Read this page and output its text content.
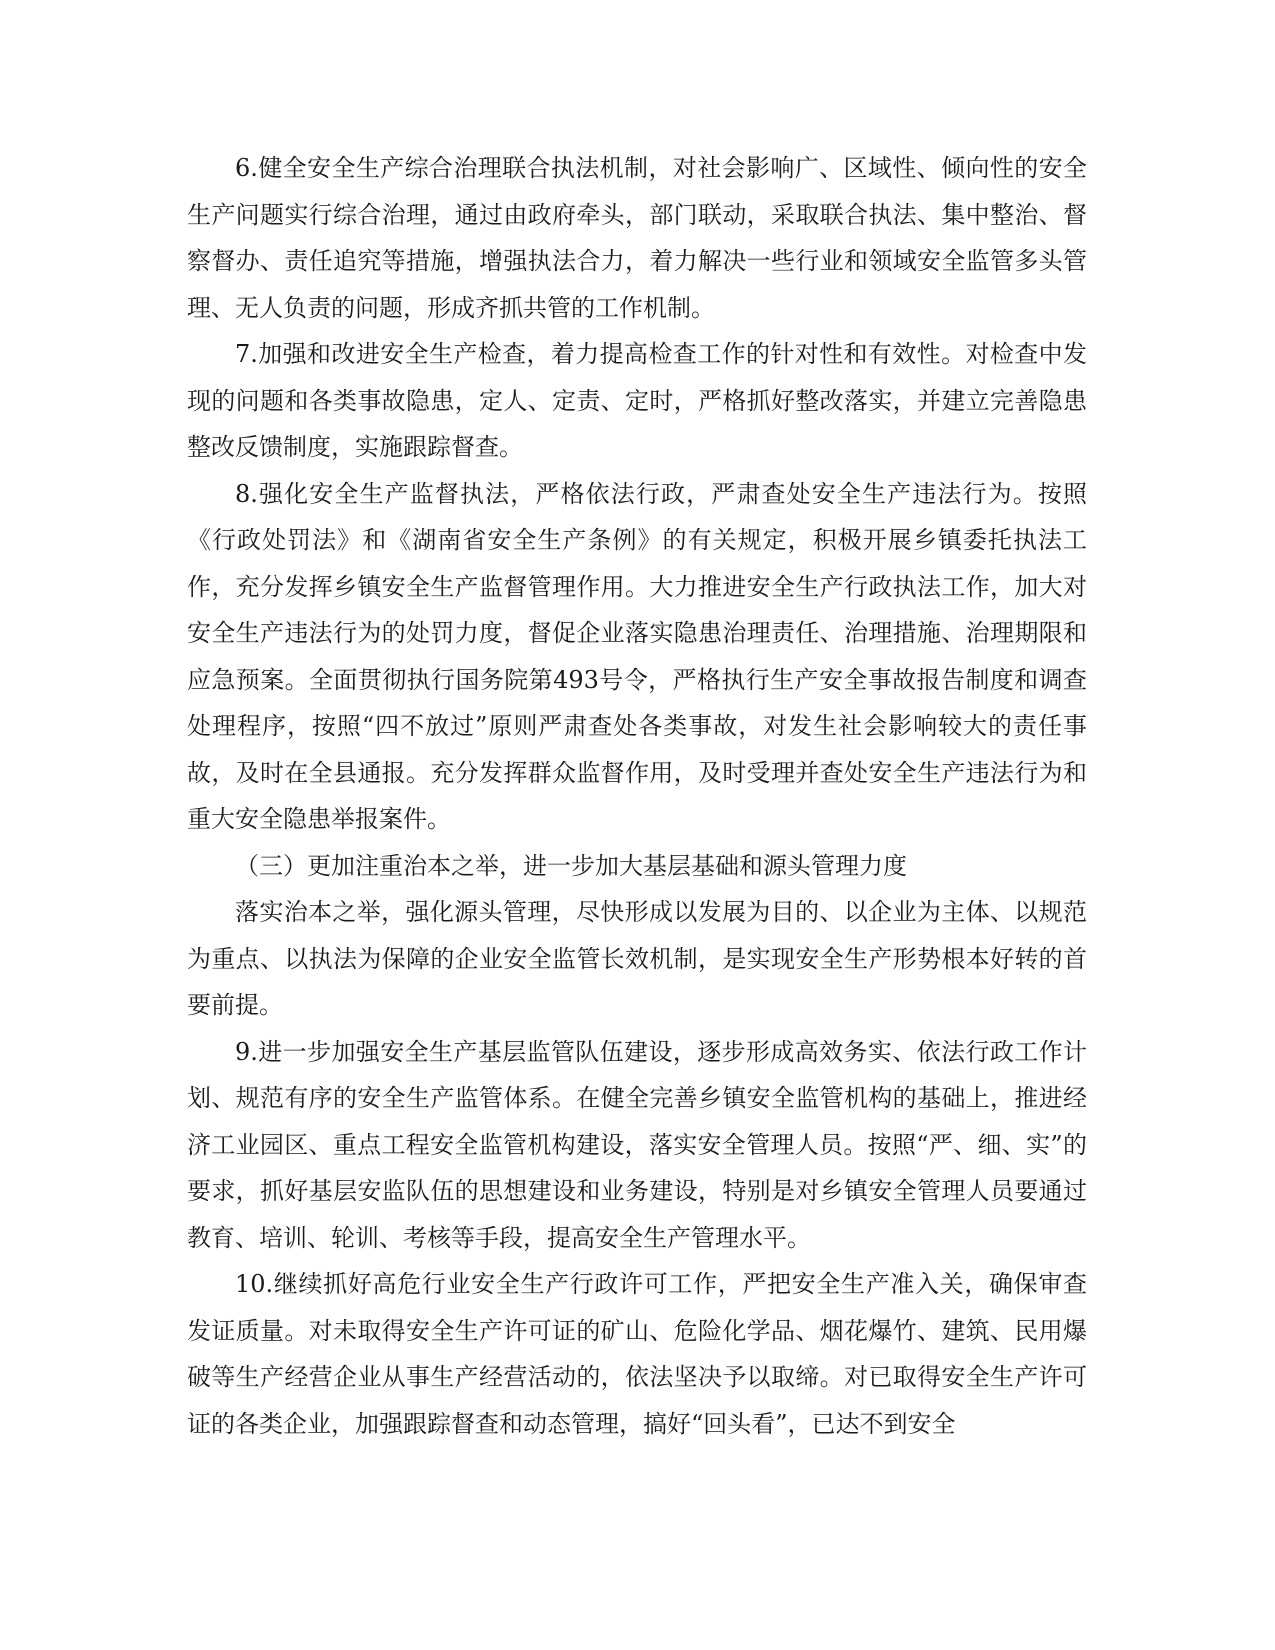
6.健全安全生产综合治理联合执法机制，对社会影响广、区域性、倾向性的安全生产问题实行综合治理，通过由政府牵头，部门联动，采取联合执法、集中整治、督察督办、责任追究等措施，增强执法合力，着力解决一些行业和领域安全监管多头管理、无人负责的问题，形成齐抓共管的工作机制。

7.加强和改进安全生产检查，着力提高检查工作的针对性和有效性。对检查中发现的问题和各类事故隐患，定人、定责、定时，严格抓好整改落实，并建立完善隐患整改反馈制度，实施跟踪督查。

8.强化安全生产监督执法，严格依法行政，严肃查处安全生产违法行为。按照《行政处罚法》和《湖南省安全生产条例》的有关规定，积极开展乡镇委托执法工作，充分发挥乡镇安全生产监督管理作用。大力推进安全生产行政执法工作，加大对安全生产违法行为的处罚力度，督促企业落实隐患治理责任、治理措施、治理期限和应急预案。全面贯彻执行国务院第493号令，严格执行生产安全事故报告制度和调查处理程序，按照“四不放过”原则严肃查处各类事故，对发生社会影响较大的责任事故，及时在全县通报。充分发挥群众监督作用，及时受理并查处安全生产违法行为和重大安全隐患举报案件。

（三）更加注重治本之举，进一步加大基层基础和源头管理力度

落实治本之举，强化源头管理，尽快形成以发展为目的、以企业为主体、以规范为重点、以执法为保障的企业安全监管长效机制，是实现安全生产形势根本好转的首要前提。

9.进一步加强安全生产基层监管队伍建设，逐步形成高效务实、依法行政工作计划、规范有序的安全生产监管体系。在健全完善乡镇安全监管机构的基础上，推进经济工业园区、重点工程安全监管机构建设，落实安全管理人员。按照“严、细、实”的要求，抓好基层安监队伍的思想建设和业务建设，特别是对乡镇安全管理人员要通过教育、培训、轮训、考核等手段，提高安全生产管理水平。

10.继续抓好高危行业安全生产行政许可工作，严把安全生产准入关，确保审查发证质量。对未取得安全生产许可证的矿山、危险化学品、烟花爆竹、建筑、民用爆破等生产经营企业从事生产经营活动的，依法坚决予以取缔。对已取得安全生产许可证的各类企业，加强跟踪督查和动态管理，搞好“回头看”，已达不到安全
